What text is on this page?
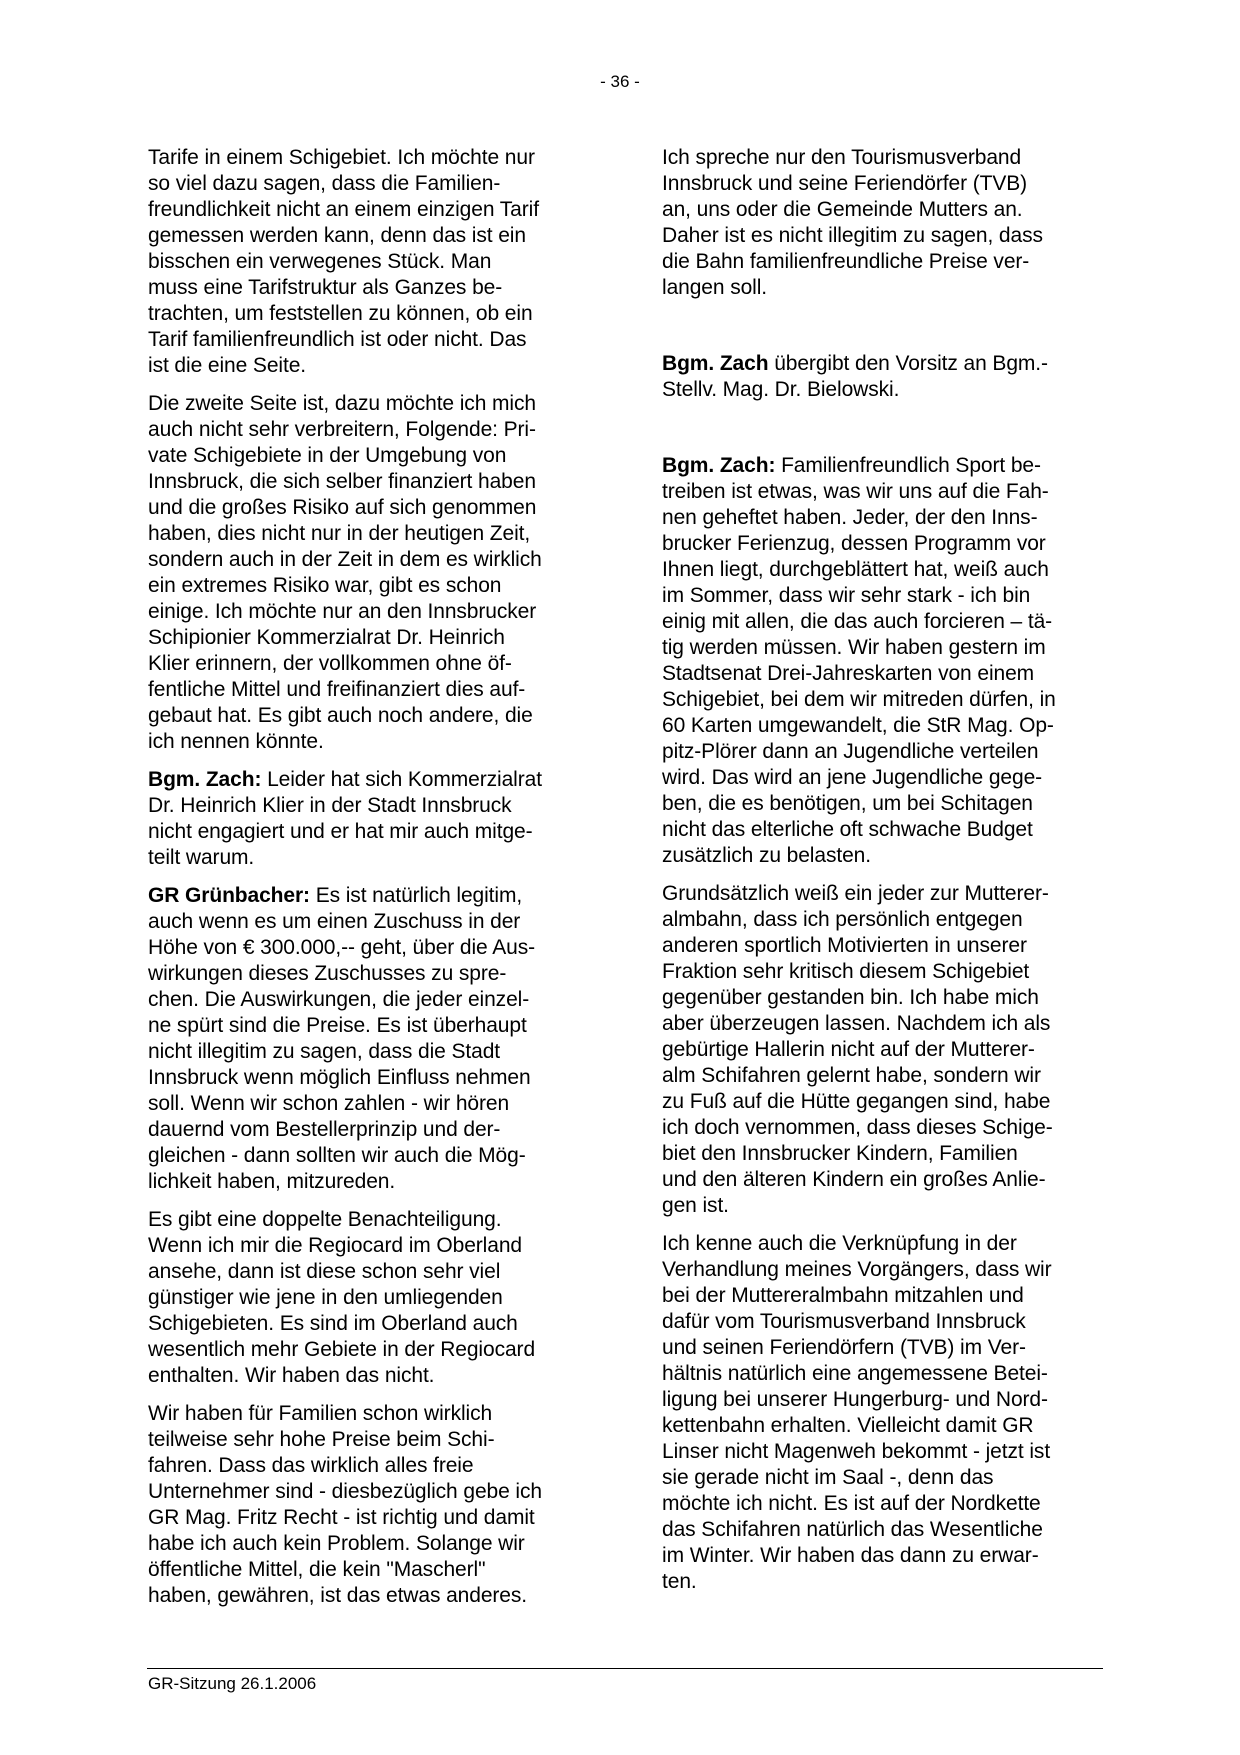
- 36 -

Tarife in einem Schigebiet. Ich möchte nur
so viel dazu sagen, dass die Familien-
freundlichkeit nicht an einem einzigen Tarif
gemessen werden kann, denn das ist ein
bisschen ein verwegenes Stück. Man
muss eine Tarifstruktur als Ganzes be-
trachten, um feststellen zu können, ob ein
Tarif familienfreundlich ist oder nicht. Das
ist die eine Seite.

Die zweite Seite ist, dazu möchte ich mich
auch nicht sehr verbreitern, Folgende: Pri-
vate Schigebiete in der Umgebung von
Innsbruck, die sich selber finanziert haben
und die großes Risiko auf sich genommen
haben, dies nicht nur in der heutigen Zeit,
sondern auch in der Zeit in dem es wirklich
ein extremes Risiko war, gibt es schon
einige. Ich möchte nur an den Innsbrucker
Schipionier Kommerzialrat Dr. Heinrich
Klier erinnern, der vollkommen ohne öf-
fentliche Mittel und freifinanziert dies auf-
gebaut hat. Es gibt auch noch andere, die
ich nennen könnte.

Bgm. Zach: Leider hat sich Kommerzialrat
Dr. Heinrich Klier in der Stadt Innsbruck
nicht engagiert und er hat mir auch mitge-
teilt warum.

GR Grünbacher: Es ist natürlich legitim,
auch wenn es um einen Zuschuss in der
Höhe von € 300.000,-- geht, über die Aus-
wirkungen dieses Zuschusses zu spre-
chen. Die Auswirkungen, die jeder einzel-
ne spürt sind die Preise. Es ist überhaupt
nicht illegitim zu sagen, dass die Stadt
Innsbruck wenn möglich Einfluss nehmen
soll. Wenn wir schon zahlen - wir hören
dauernd vom Bestellerprinzip und der-
gleichen - dann sollten wir auch die Mög-
lichkeit haben, mitzureden.

Es gibt eine doppelte Benachteiligung.
Wenn ich mir die Regiocard im Oberland
ansehe, dann ist diese schon sehr viel
günstiger wie jene in den umliegenden
Schigebieten. Es sind im Oberland auch
wesentlich mehr Gebiete in der Regiocard
enthalten. Wir haben das nicht.

Wir haben für Familien schon wirklich
teilweise sehr hohe Preise beim Schi-
fahren. Dass das wirklich alles freie
Unternehmer sind - diesbezüglich gebe ich
GR Mag. Fritz Recht - ist richtig und damit
habe ich auch kein Problem. Solange wir
öffentliche Mittel, die kein "Mascherl"
haben, gewähren, ist das etwas anderes.

Ich spreche nur den Tourismusverband
Innsbruck und seine Feriendörfer (TVB)
an, uns oder die Gemeinde Mutters an.
Daher ist es nicht illegitim zu sagen, dass
die Bahn familienfreundliche Preise ver-
langen soll.

Bgm. Zach übergibt den Vorsitz an Bgm.-
Stellv. Mag. Dr. Bielowski.

Bgm. Zach: Familienfreundlich Sport be-
treiben ist etwas, was wir uns auf die Fah-
nen geheftet haben. Jeder, der den Inns-
brucker Ferienzug, dessen Programm vor
Ihnen liegt, durchgeblättert hat, weiß auch
im Sommer, dass wir sehr stark - ich bin
einig mit allen, die das auch forcieren – tä-
tig werden müssen. Wir haben gestern im
Stadtsenat Drei-Jahreskarten von einem
Schigebiet, bei dem wir mitreden dürfen, in
60 Karten umgewandelt, die StR Mag. Op-
pitz-Plörer dann an Jugendliche verteilen
wird. Das wird an jene Jugendliche gege-
ben, die es benötigen, um bei Schitagen
nicht das elterliche oft schwache Budget
zusätzlich zu belasten.

Grundsätzlich weiß ein jeder zur Mutterer-
almbahn, dass ich persönlich entgegen
anderen sportlich Motivierten in unserer
Fraktion sehr kritisch diesem Schigebiet
gegenüber gestanden bin. Ich habe mich
aber überzeugen lassen. Nachdem ich als
gebürtige Hallerin nicht auf der Mutterer-
alm Schifahren gelernt habe, sondern wir
zu Fuß auf die Hütte gegangen sind, habe
ich doch vernommen, dass dieses Schige-
biet den Innsbrucker Kindern, Familien
und den älteren Kindern ein großes Anlie-
gen ist.

Ich kenne auch die Verknüpfung in der
Verhandlung meines Vorgängers, dass wir
bei der Muttereralmbahn mitzahlen und
dafür vom Tourismusverband Innsbruck
und seinen Feriendörfern (TVB) im Ver-
hältnis natürlich eine angemessene Betei-
ligung bei unserer Hungerburg- und Nord-
kettenbahn erhalten. Vielleicht damit GR
Linser nicht Magenweh bekommt - jetzt ist
sie gerade nicht im Saal -, denn das
möchte ich nicht. Es ist auf der Nordkette
das Schifahren natürlich das Wesentliche
im Winter. Wir haben das dann zu erwar-
ten.

GR-Sitzung 26.1.2006
